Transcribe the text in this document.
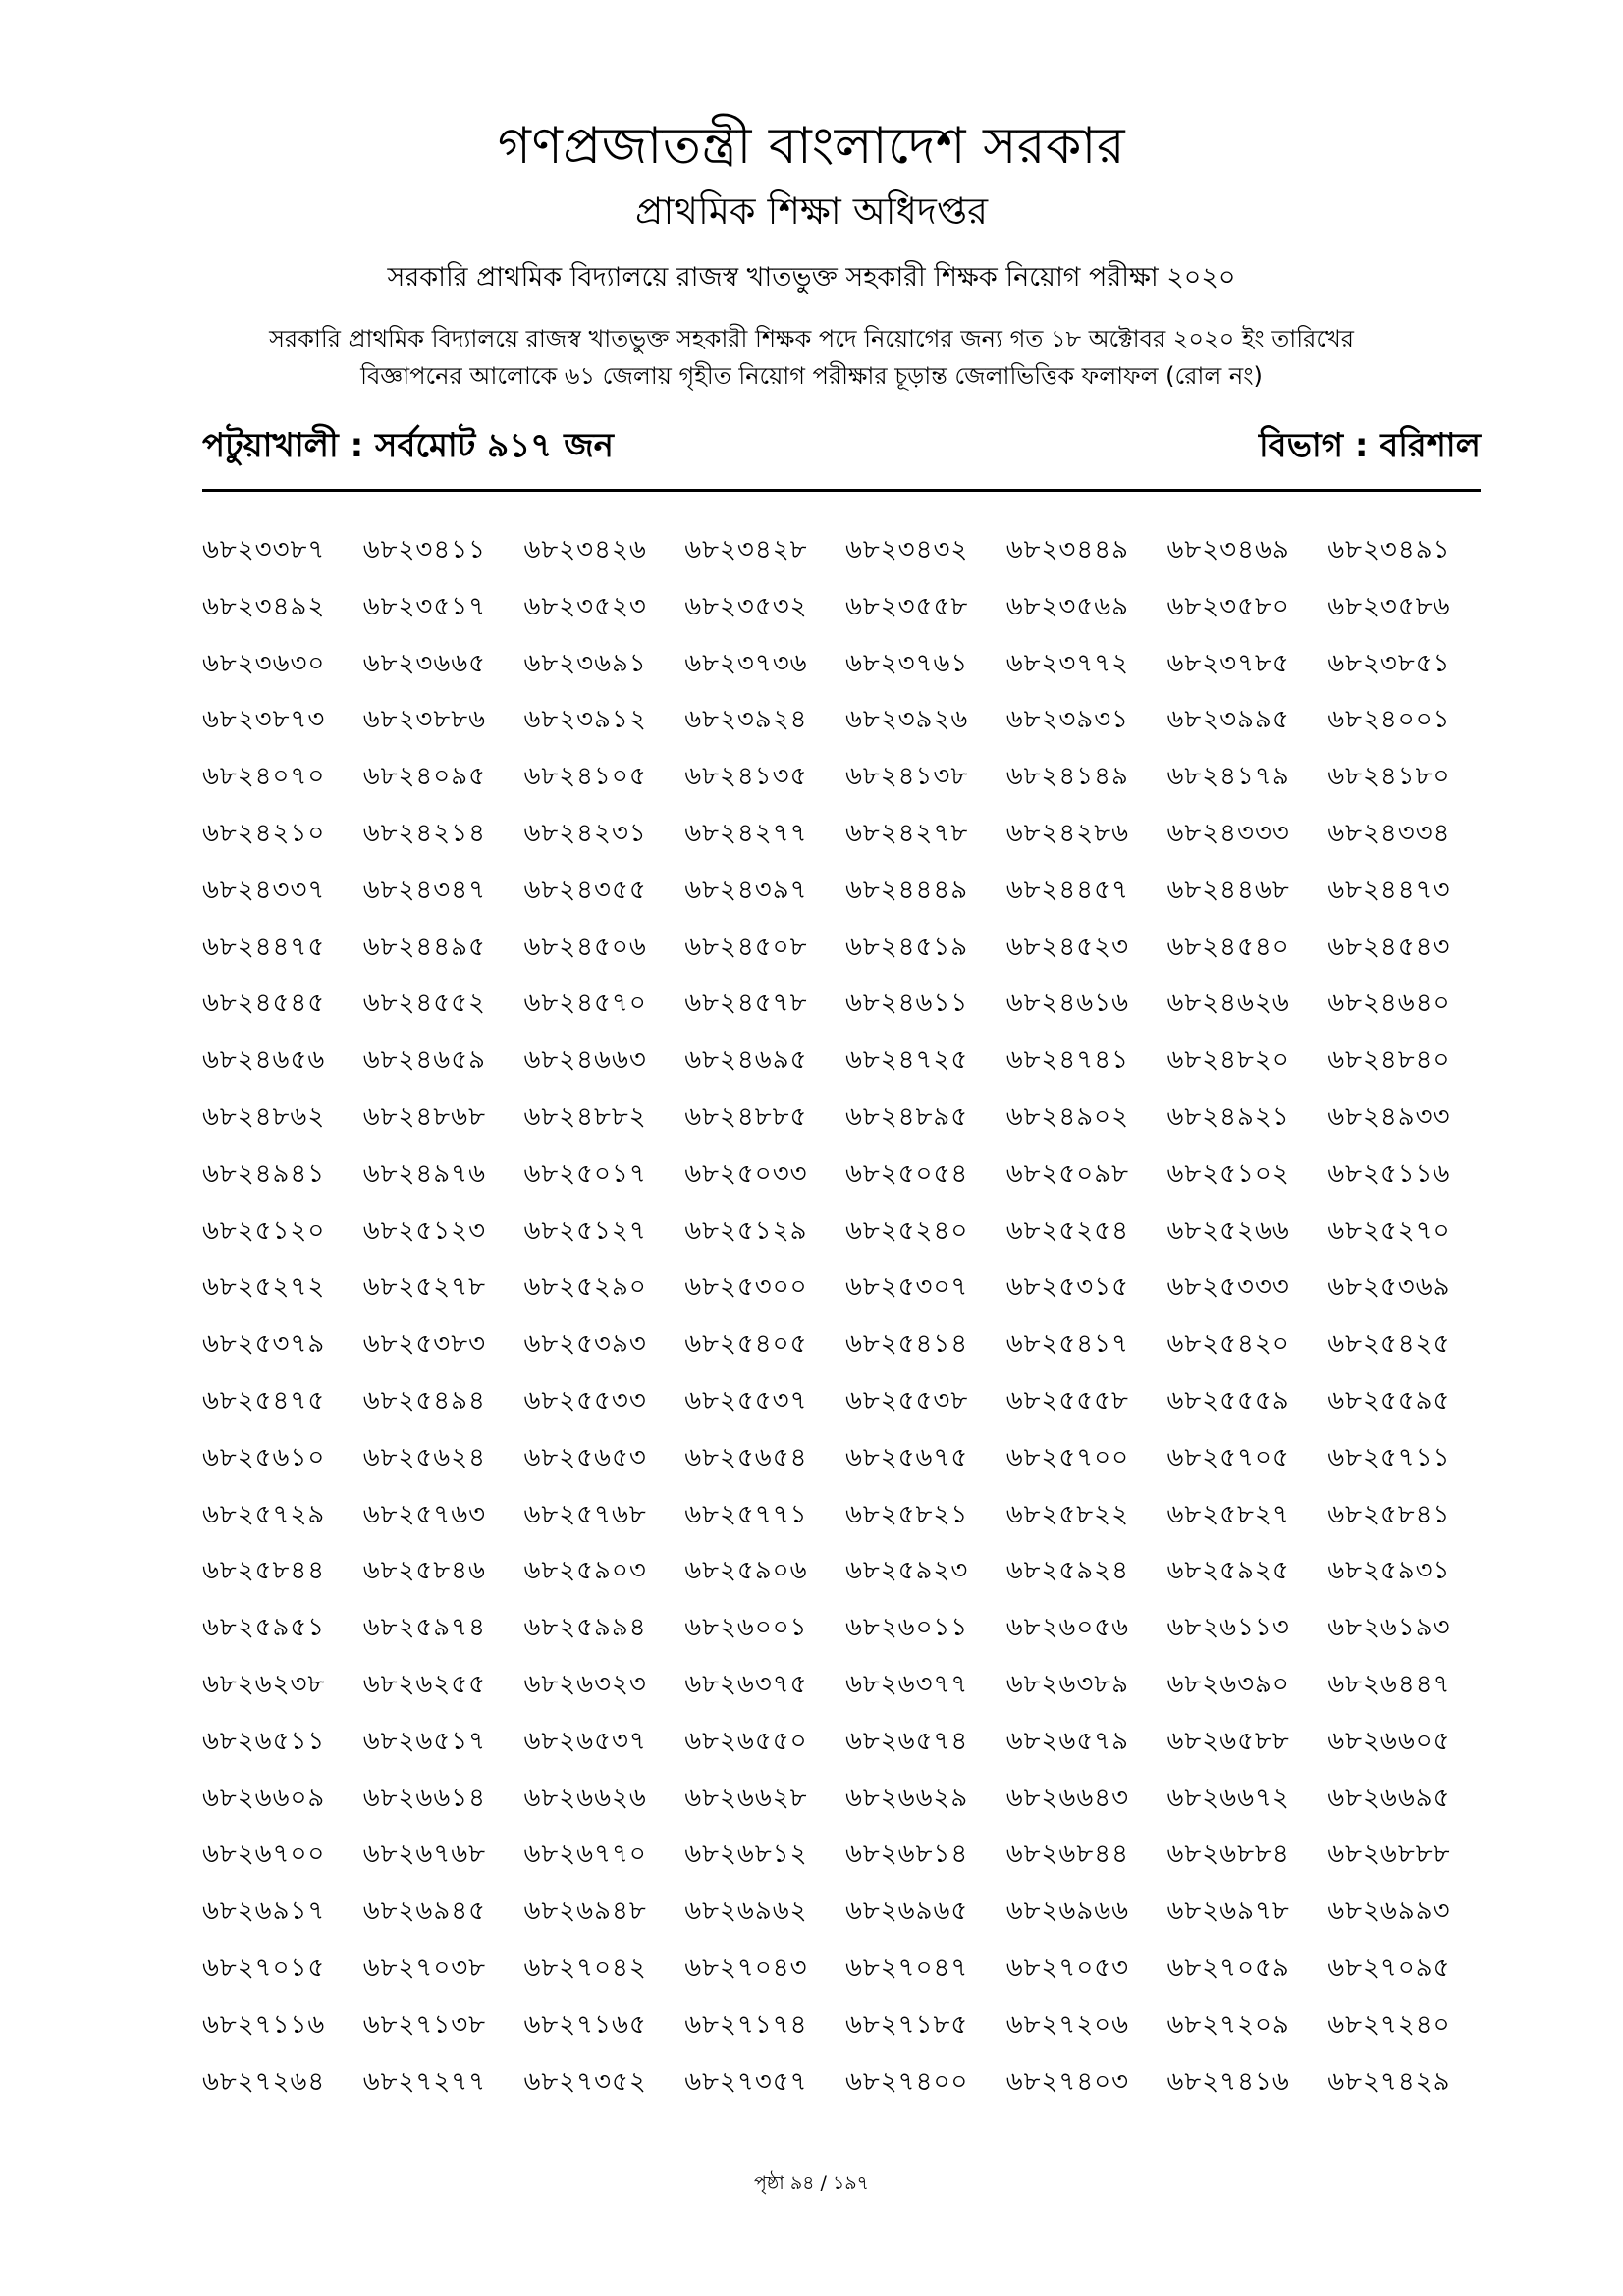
গণপ্রজাতন্ত্রী বাংলাদেশ সরকার
প্রাথমিক শিক্ষা অধিদপ্তর
সরকারি প্রাথমিক বিদ্যালয়ে রাজস্ব খাতভুক্ত সহকারী শিক্ষক নিয়োগ পরীক্ষা ২০২০
সরকারি প্রাথমিক বিদ্যালয়ে রাজস্ব খাতভুক্ত সহকারী শিক্ষক পদে নিয়োগের জন্য গত ১৮ অক্টোবর ২০২০ ইং তারিখের
বিজ্ঞাপনের আলোকে ৬১ জেলায় গৃহীত নিয়োগ পরীক্ষার চূড়ান্ত জেলাভিত্তিক ফলাফল (রোল নং)
পটুয়াখালী : সর্বমোট ৯১৭ জন	বিভাগ : বরিশাল
৬৮২৩৩৮৭	৬৮২৩৪১১	৬৮২৩৪২৬	৬৮২৩৪২৮	৬৮২৩৪৩২	৬৮২৩৪৪৯	৬৮২৩৪৬৯	৬৮২৩৪৯১
৬৮২৩৪৯২	৬৮২৩৫১৭	৬৮২৩৫২৩	৬৮২৩৫৩২	৬৮২৩৫৫৮	৬৮২৩৫৬৯	৬৮২৩৫৮০	৬৮২৩৫৮৬
৬৮২৩৬৩০	৬৮২৩৬৬৫	৬৮২৩৬৯১	৬৮২৩৭৩৬	৬৮২৩৭৬১	৬৮২৩৭৭২	৬৮২৩৭৮৫	৬৮২৩৮৫১
৬৮২৩৮৭৩	৬৮২৩৮৮৬	৬৮২৩৯১২	৬৮২৩৯২৪	৬৮২৩৯২৬	৬৮২৩৯৩১	৬৮২৩৯৯৫	৬৮২৪০০১
৬৮২৪০৭০	৬৮২৪০৯৫	৬৮২৪১০৫	৬৮২৪১৩৫	৬৮২৪১৩৮	৬৮২৪১৪৯	৬৮২৪১৭৯	৬৮২৪১৮০
৬৮২৪২১০	৬৮২৪২১৪	৬৮২৪২৩১	৬৮২৪২৭৭	৬৮২৪২৭৮	৬৮২৪২৮৬	৬৮২৪৩৩৩	৬৮২৪৩৩৪
৬৮২৪৩৩৭	৬৮২৪৩৪৭	৬৮২৪৩৫৫	৬৮২৪৩৯৭	৬৮২৪৪৪৯	৬৮২৪৪৫৭	৬৮২৪৪৬৮	৬৮২৪৪৭৩
৬৮২৪৪৭৫	৬৮২৪৪৯৫	৬৮২৪৫০৬	৬৮২৪৫০৮	৬৮২৪৫১৯	৬৮২৪৫২৩	৬৮২৪৫৪০	৬৮২৪৫৪৩
৬৮২৪৫৪৫	৬৮২৪৫৫২	৬৮২৪৫৭০	৬৮২৪৫৭৮	৬৮২৪৬১১	৬৮২৪৬১৬	৬৮২৪৬২৬	৬৮২৪৬৪০
৬৮২৪৬৫৬	৬৮২৪৬৫৯	৬৮২৪৬৬৩	৬৮২৪৬৯৫	৬৮২৪৭২৫	৬৮২৪৭৪১	৬৮২৪৮২০	৬৮২৪৮৪০
৬৮২৪৮৬২	৬৮২৪৮৬৮	৬৮২৪৮৮২	৬৮২৪৮৮৫	৬৮২৪৮৯৫	৬৮২৪৯০২	৬৮২৪৯২১	৬৮২৪৯৩৩
৬৮২৪৯৪১	৬৮২৪৯৭৬	৬৮২৫০১৭	৬৮২৫০৩৩	৬৮২৫০৫৪	৬৮২৫০৯৮	৬৮২৫১০২	৬৮২৫১১৬
৬৮২৫১২০	৬৮২৫১২৩	৬৮২৫১২৭	৬৮২৫১২৯	৬৮২৫২৪০	৬৮২৫২৫৪	৬৮২৫২৬৬	৬৮২৫২৭০
৬৮২৫২৭২	৬৮২৫২৭৮	৬৮২৫২৯০	৬৮২৫৩০০	৬৮২৫৩০৭	৬৮২৫৩১৫	৬৮২৫৩৩৩	৬৮২৫৩৬৯
৬৮২৫৩৭৯	৬৮২৫৩৮৩	৬৮২৫৩৯৩	৬৮২৫৪০৫	৬৮২৫৪১৪	৬৮২৫৪১৭	৬৮২৫৪২০	৬৮২৫৪২৫
৬৮২৫৪৭৫	৬৮২৫৪৯৪	৬৮২৫৫৩৩	৬৮২৫৫৩৭	৬৮২৫৫৩৮	৬৮২৫৫৫৮	৬৮২৫৫৫৯	৬৮২৫৫৯৫
৬৮২৫৬১০	৬৮২৫৬২৪	৬৮২৫৬৫৩	৬৮২৫৬৫৪	৬৮২৫৬৭৫	৬৮২৫৭০০	৬৮২৫৭০৫	৬৮২৫৭১১
৬৮২৫৭২৯	৬৮২৫৭৬৩	৬৮২৫৭৬৮	৬৮২৫৭৭১	৬৮২৫৮২১	৬৮২৫৮২২	৬৮২৫৮২৭	৬৮২৫৮৪১
৬৮২৫৮৪৪	৬৮২৫৮৪৬	৬৮২৫৯০৩	৬৮২৫৯০৬	৬৮২৫৯২৩	৬৮২৫৯২৪	৬৮২৫৯২৫	৬৮২৫৯৩১
৬৮২৫৯৫১	৬৮২৫৯৭৪	৬৮২৫৯৯৪	৬৮২৬০০১	৬৮২৬০১১	৬৮২৬০৫৬	৬৮২৬১১৩	৬৮২৬১৯৩
৬৮২৬২৩৮	৬৮২৬২৫৫	৬৮২৬৩২৩	৬৮২৬৩৭৫	৬৮২৬৩৭৭	৬৮২৬৩৮৯	৬৮২৬৩৯০	৬৮২৬৪৪৭
৬৮২৬৫১১	৬৮২৬৫১৭	৬৮২৬৫৩৭	৬৮২৬৫৫০	৬৮২৬৫৭৪	৬৮২৬৫৭৯	৬৮২৬৫৮৮	৬৮২৬৬০৫
৬৮২৬৬০৯	৬৮২৬৬১৪	৬৮২৬৬২৬	৬৮২৬৬২৮	৬৮২৬৬২৯	৬৮২৬৬৪৩	৬৮২৬৬৭২	৬৮২৬৬৯৫
৬৮২৬৭০০	৬৮২৬৭৬৮	৬৮২৬৭৭০	৬৮২৬৮১২	৬৮২৬৮১৪	৬৮২৬৮৪৪	৬৮২৬৮৮৪	৬৮২৬৮৮৮
৬৮২৬৯১৭	৬৮২৬৯৪৫	৬৮২৬৯৪৮	৬৮২৬৯৬২	৬৮২৬৯৬৫	৬৮২৬৯৬৬	৬৮২৬৯৭৮	৬৮২৬৯৯৩
৬৮২৭০১৫	৬৮২৭০৩৮	৬৮২৭০৪২	৬৮২৭০৪৩	৬৮২৭০৪৭	৬৮২৭০৫৩	৬৮২৭০৫৯	৬৮২৭০৯৫
৬৮২৭১১৬	৬৮২৭১৩৮	৬৮২৭১৬৫	৬৮২৭১৭৪	৬৮২৭১৮৫	৬৮২৭২০৬	৬৮২৭২০৯	৬৮২৭২৪০
৬৮২৭২৬৪	৬৮২৭২৭৭	৬৮২৭৩৫২	৬৮২৭৩৫৭	৬৮২৭৪০০	৬৮২৭৪০৩	৬৮২৭৪১৬	৬৮২৭৪২৯
পৃষ্ঠা ৯৪ / ১৯৭
